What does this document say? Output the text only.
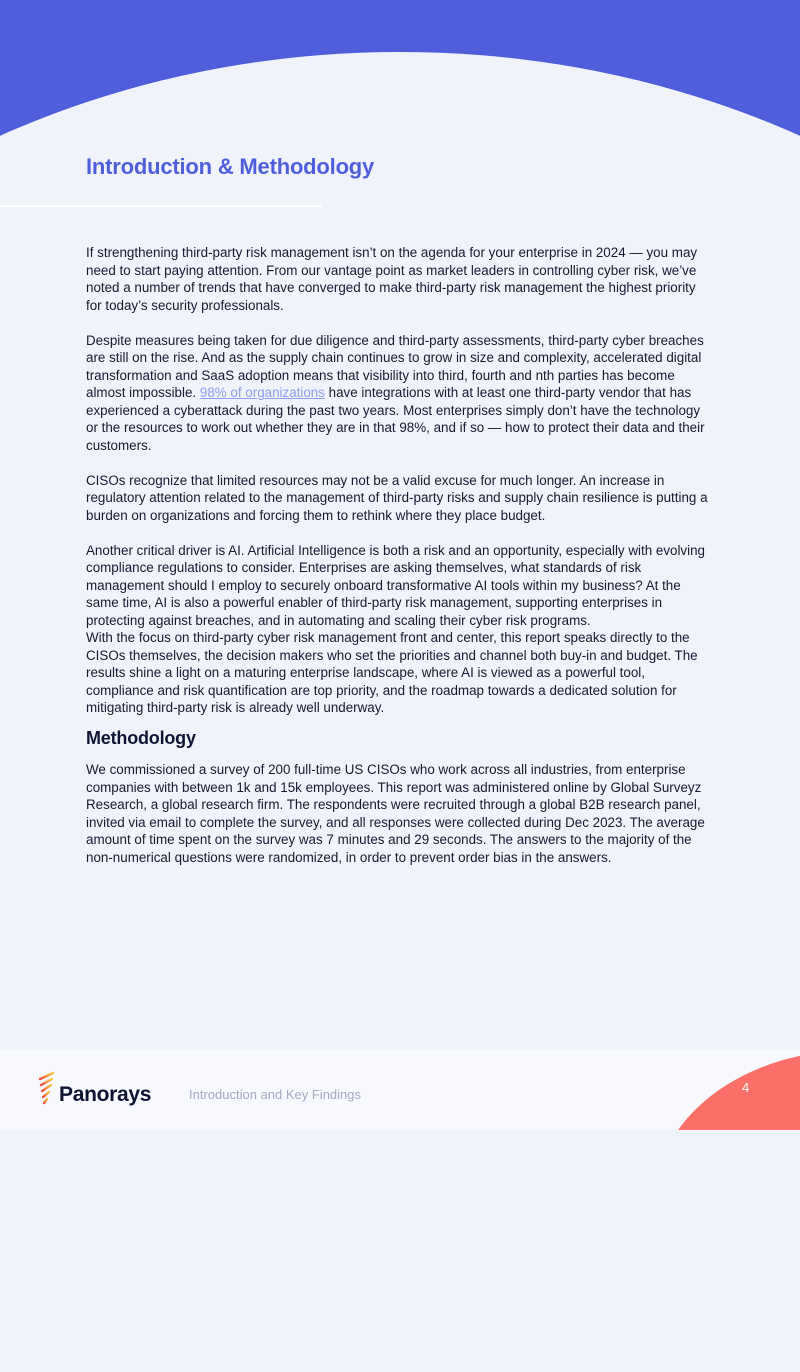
Introduction & Methodology

If strengthening third-party risk management isn’t on the agenda for your enterprise in 2024 — you may need to start paying attention. From our vantage point as market leaders in controlling cyber risk, we’ve noted a number of trends that have converged to make third-party risk management the highest priority for today’s security professionals.

Despite measures being taken for due diligence and third-party assessments, third-party cyber breaches are still on the rise. And as the supply chain continues to grow in size and complexity, accelerated digital transformation and SaaS adoption means that visibility into third, fourth and nth parties has become almost impossible. 98% of organizations have integrations with at least one third-party vendor that has experienced a cyberattack during the past two years. Most enterprises simply don’t have the technology or the resources to work out whether they are in that 98%, and if so — how to protect their data and their customers.

CISOs recognize that limited resources may not be a valid excuse for much longer. An increase in regulatory attention related to the management of third-party risks and supply chain resilience is putting a burden on organizations and forcing them to rethink where they place budget.

Another critical driver is AI. Artificial Intelligence is both a risk and an opportunity, especially with evolving compliance regulations to consider. Enterprises are asking themselves, what standards of risk management should I employ to securely onboard transformative AI tools within my business? At the same time, AI is also a powerful enabler of third-party risk management, supporting enterprises in protecting against breaches, and in automating and scaling their cyber risk programs.

With the focus on third-party cyber risk management front and center, this report speaks directly to the CISOs themselves, the decision makers who set the priorities and channel both buy-in and budget. The results shine a light on a maturing enterprise landscape, where AI is viewed as a powerful tool, compliance and risk quantification are top priority, and the roadmap towards a dedicated solution for mitigating third-party risk is already well underway.

Methodology

We commissioned a survey of 200 full-time US CISOs who work across all industries, from enterprise companies with between 1k and 15k employees. This report was administered online by Global Surveyz Research, a global research firm. The respondents were recruited through a global B2B research panel, invited via email to complete the survey, and all responses were collected during Dec 2023. The average amount of time spent on the survey was 7 minutes and 29 seconds. The answers to the majority of the non-numerical questions were randomized, in order to prevent order bias in the answers.

Panorays	Introduction and Key Findings	4
